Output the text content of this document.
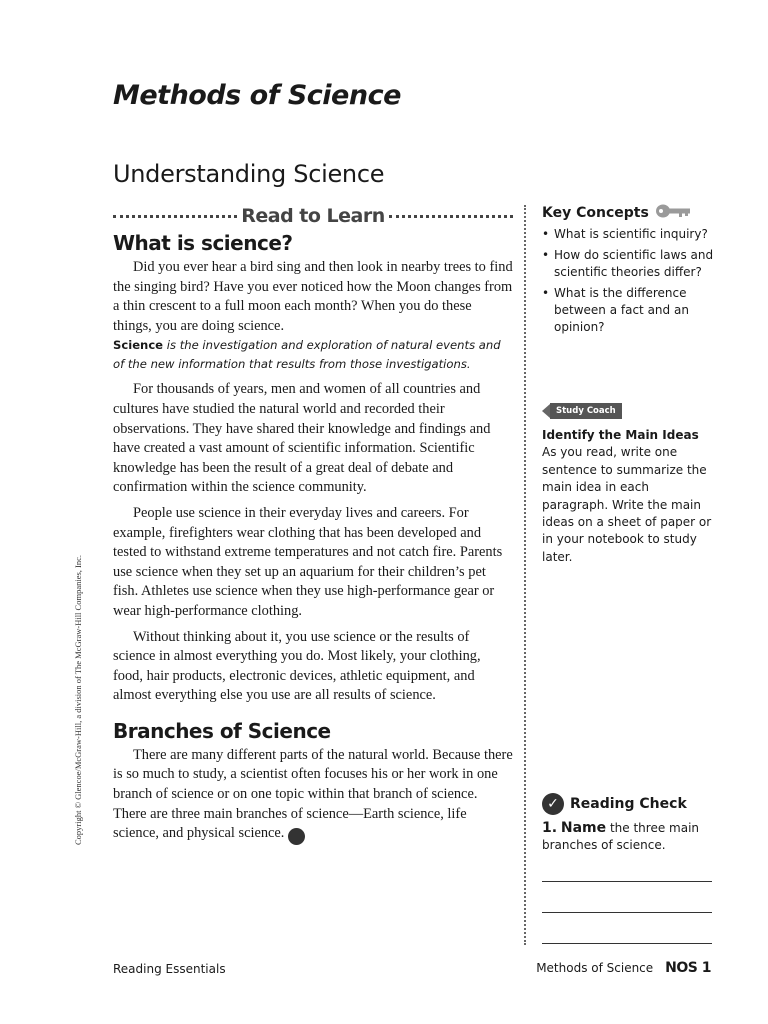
Methods of Science
Understanding Science
Read to Learn
What is science?

Did you ever hear a bird sing and then look in nearby trees to find the singing bird? Have you ever noticed how the Moon changes from a thin crescent to a full moon each month? When you do these things, you are doing science.

Science is the investigation and exploration of natural events and of the new information that results from those investigations.

For thousands of years, men and women of all countries and cultures have studied the natural world and recorded their observations. They have shared their knowledge and findings and have created a vast amount of scientific information. Scientific knowledge has been the result of a great deal of debate and confirmation within the science community.

People use science in their everyday lives and careers. For example, firefighters wear clothing that has been developed and tested to withstand extreme temperatures and not catch fire. Parents use science when they set up an aquarium for their children’s pet fish. Athletes use science when they use high-performance gear or wear high-performance clothing.

Without thinking about it, you use science or the results of science in almost everything you do. Most likely, your clothing, food, hair products, electronic devices, athletic equipment, and almost everything else you use are all results of science.

Branches of Science

There are many different parts of the natural world. Because there is so much to study, a scientist often focuses his or her work in one branch of science or on one topic within that branch of science. There are three main branches of science—Earth science, life science, and physical science. ✓

Key Concepts
• What is scientific inquiry?
• How do scientific laws and scientific theories differ?
• What is the difference between a fact and an opinion?
Study Coach
Identify the Main Ideas  As you read, write one sentence to summarize the main idea in each paragraph. Write the main ideas on a sheet of paper or in your notebook to study later.
✓ Reading Check
1. Name the three main branches of science.
Copyright © Glencoe/McGraw-Hill, a division of The McGraw-Hill Companies, Inc.
Reading Essentials	Methods of Science NOS 1
